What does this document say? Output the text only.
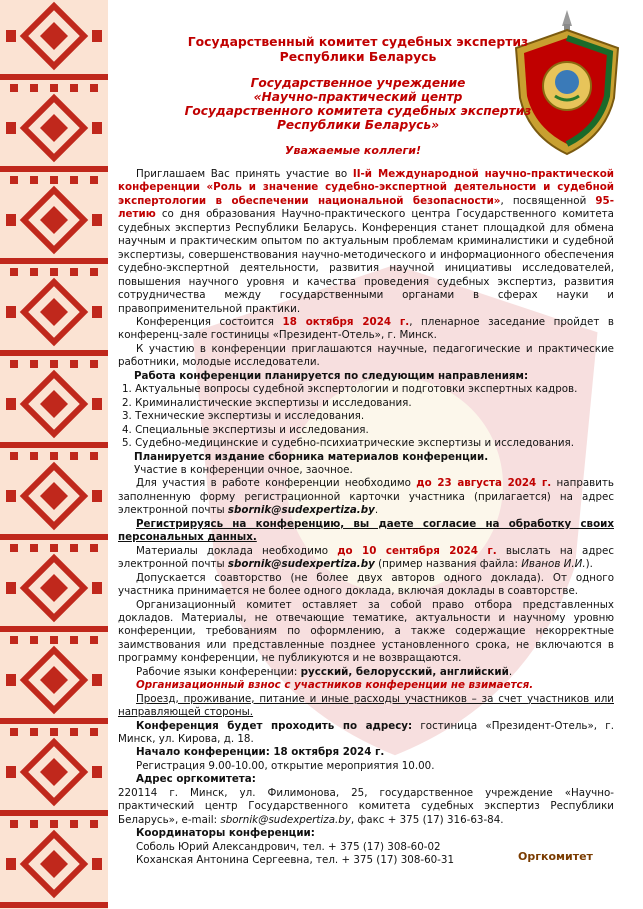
Государственный комитет судебных экспертиз
Республики Беларусь
Государственное учреждение
«Научно-практический центр
Государственного комитета судебных экспертиз
Республики Беларусь»
Уважаемые коллеги!

Приглашаем Вас принять участие во II-й Международной научно-практической конференции «Роль и значение судебно-экспертной деятельности и судебной экспертологии в обеспечении национальной безопасности», посвященной 95-летию со дня образования Научно-практического центра Государственного комитета судебных экспертиз Республики Беларусь. Конференция станет площадкой для обмена научным и практическим опытом по актуальным проблемам криминалистики и судебной экспертизы, совершенствования научно-методического и информационного обеспечения судебно-экспертной деятельности, развития научной инициативы исследователей, повышения научного уровня и качества проведения судебных экспертиз, развития сотрудничества между государственными органами в сферах науки и правоприменительной практики.

Конференция состоится 18 октября 2024 г., пленарное заседание пройдет в конференц-зале гостиницы «Президент-Отель», г. Минск.

К участию в конференции приглашаются научные, педагогические и практические работники, молодые исследователи.

Работа конференции планируется по следующим направлениям:

1. Актуальные вопросы судебной экспертологии и подготовки экспертных кадров.

2. Криминалистические экспертизы и исследования.

3. Технические экспертизы и исследования.

4. Специальные экспертизы и исследования.

5. Судебно-медицинские и судебно-психиатрические экспертизы и исследования.

Планируется издание сборника материалов конференции.

Участие в конференции очное, заочное.

Для участия в работе конференции необходимо до 23 августа 2024 г. направить заполненную форму регистрационной карточки участника (прилагается) на адрес электронной почты sbornik@sudexpertiza.by.

Регистрируясь на конференцию, вы даете согласие на обработку своих персональных данных.

Материалы доклада необходимо до 10 сентября 2024 г. выслать на адрес электронной почты sbornik@sudexpertiza.by (пример названия файла: Иванов И.И.).

Допускается соавторство (не более двух авторов одного доклада). От одного участника принимается не более одного доклада, включая доклады в соавторстве.

Организационный комитет оставляет за собой право отбора представленных докладов. Материалы, не отвечающие тематике, актуальности и научному уровню конференции, требованиям по оформлению, а также содержащие некорректные заимствования или представленные позднее установленного срока, не включаются в программу конференции, не публикуются и не возвращаются.

Рабочие языки конференции: русский, белорусский, английский.

Организационный взнос с участников конференции не взимается.

Проезд, проживание, питание и иные расходы участников – за счет участников или направляющей стороны.

Конференция будет проходить по адресу: гостиница «Президент-Отель», г. Минск, ул. Кирова, д. 18.

Начало конференции: 18 октября 2024 г.

Регистрация 9.00-10.00, открытие мероприятия 10.00.

Адрес оргкомитета:

220114 г. Минск, ул. Филимонова, 25, государственное учреждение «Научно-практический центр Государственного комитета судебных экспертиз Республики Беларусь», e-mail: sbornik@sudexpertiza.by, факс + 375 (17) 316-63-84.

Координаторы конференции:

Соболь Юрий Александрович, тел. + 375 (17) 308-60-02

Коханская Антонина Сергеевна, тел. + 375 (17) 308-60-31	Оргкомитет
